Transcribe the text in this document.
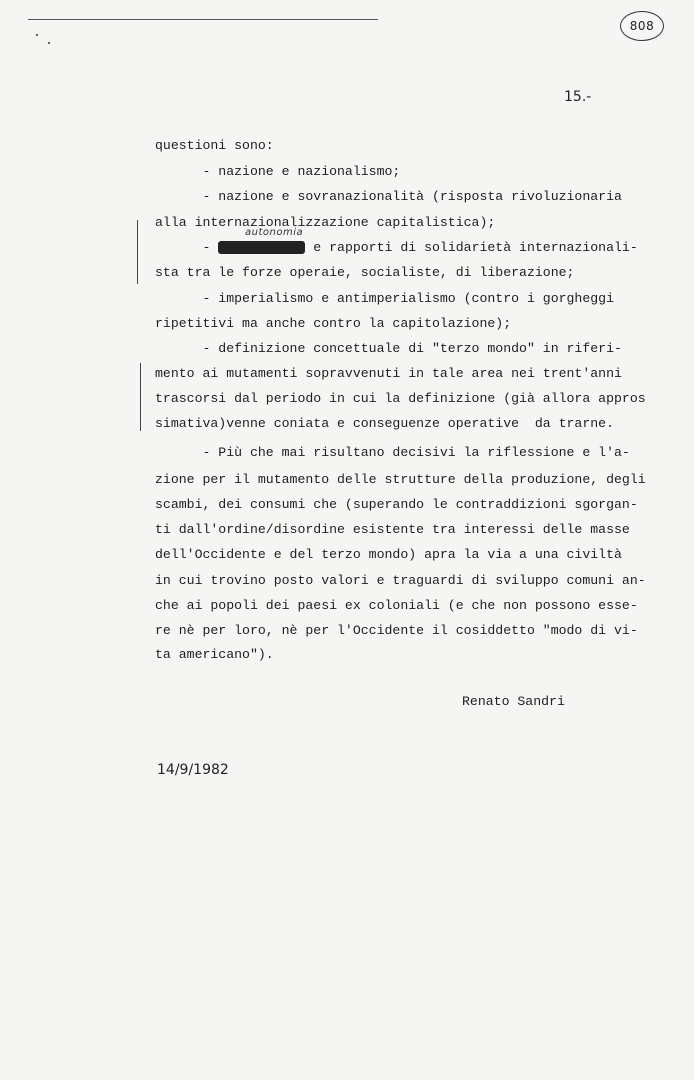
808
15.-
questioni sono:
- nazione e nazionalismo;
- nazione e sovranazionalità (risposta rivoluzionaria
alla internazionalizzazione capitalistica);
autonomia
- distensione e rapporti di solidarietà internazionali-
sta tra le forze operaie, socialiste, di liberazione;
- imperialismo e antimperialismo (contro i gorgheggi
ripetitivi ma anche contro la capitolazione);
- definizione concettuale di "terzo mondo" in riferi-
mento ai mutamenti sopravvenuti in tale area nei trent'anni
trascorsi dal periodo in cui la definizione (già allora appros
simativa)venne coniata e conseguenze operative  da trarne.
- Più che mai risultano decisivi la riflessione e l'a-
zione per il mutamento delle strutture della produzione, degli
scambi, dei consumi che (superando le contraddizioni sgorgan-
ti dall'ordine/disordine esistente tra interessi delle masse
dell'Occidente e del terzo mondo) apra la via a una civiltà
in cui trovino posto valori e traguardi di sviluppo comuni an-
che ai popoli dei paesi ex coloniali (e che non possono esse-
re nè per loro, nè per l'Occidente il cosiddetto "modo di vi-
ta americano").
Renato Sandri
14/9/1982
